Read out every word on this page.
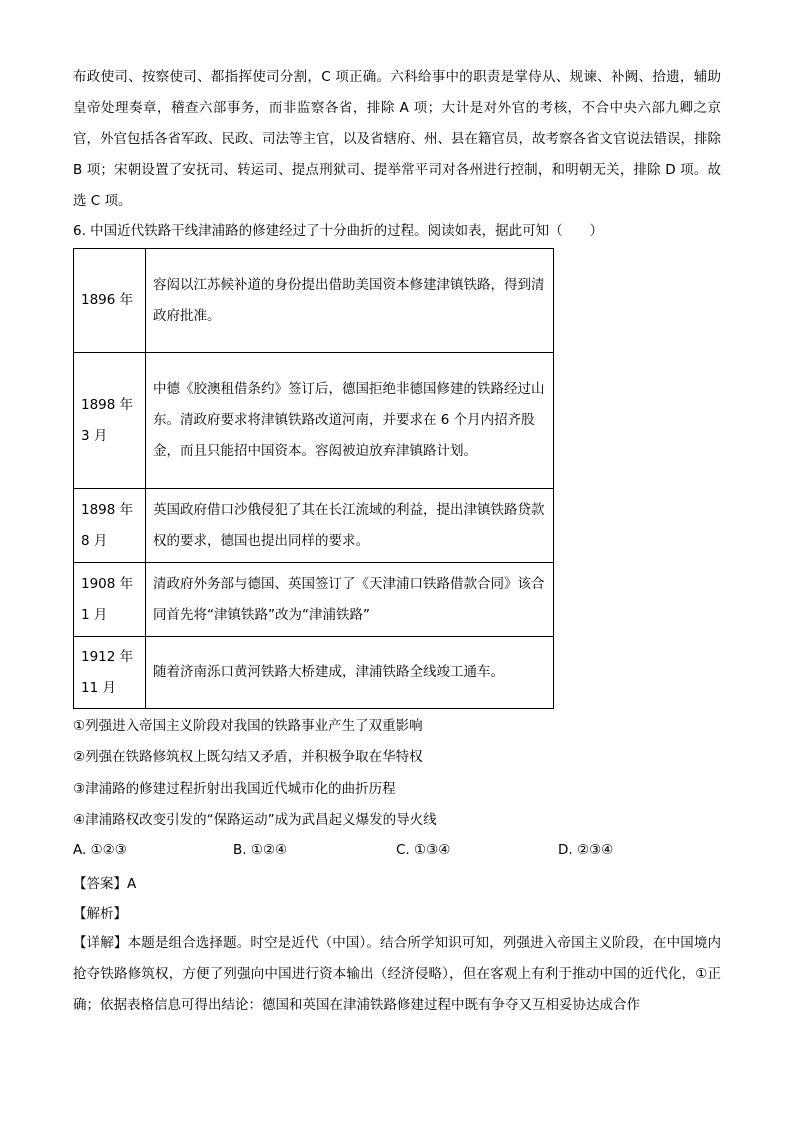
布政使司、按察使司、都指挥使司分割，C 项正确。六科给事中的职责是掌侍从、规谏、补阙、拾遗，辅助皇帝处理奏章，稽查六部事务，而非监察各省，排除 A 项；大计是对外官的考核，不合中央六部九卿之京官，外官包括各省军政、民政、司法等主官，以及省辖府、州、县在籍官员，故考察各省文官说法错误，排除 B 项；宋朝设置了安抚司、转运司、提点刑狱司、提举常平司对各州进行控制，和明朝无关，排除 D 项。故选 C 项。
6. 中国近代铁路干线津浦路的修建经过了十分曲折的过程。阅读如表，据此可知（　　）
1896 年	容闳以江苏候补道的身份提出借助美国资本修建津镇铁路，得到清政府批准。
1898 年 3 月	中德《胶澳租借条约》签订后，德国拒绝非德国修建的铁路经过山东。清政府要求将津镇铁路改道河南，并要求在 6 个月内招齐股金，而且只能招中国资本。容闳被迫放弃津镇路计划。
1898 年 8 月	英国政府借口沙俄侵犯了其在长江流域的利益，提出津镇铁路贷款权的要求，德国也提出同样的要求。
1908 年 1 月	清政府外务部与德国、英国签订了《天津浦口铁路借款合同》该合同首先将“津镇铁路”改为“津浦铁路”
1912 年 11 月	随着济南泺口黄河铁路大桥建成，津浦铁路全线竣工通车。
①列强进入帝国主义阶段对我国的铁路事业产生了双重影响
②列强在铁路修筑权上既勾结又矛盾，并积极争取在华特权
③津浦路的修建过程折射出我国近代城市化的曲折历程
④津浦路权改变引发的“保路运动”成为武昌起义爆发的导火线
A. ①②③	B. ①②④	C. ①③④	D. ②③④
【答案】A
【解析】
【详解】本题是组合选择题。时空是近代（中国）。结合所学知识可知，列强进入帝国主义阶段，在中国境内抢夺铁路修筑权，方便了列强向中国进行资本输出（经济侵略），但在客观上有利于推动中国的近代化，①正确；依据表格信息可得出结论：德国和英国在津浦铁路修建过程中既有争夺又互相妥协达成合作
